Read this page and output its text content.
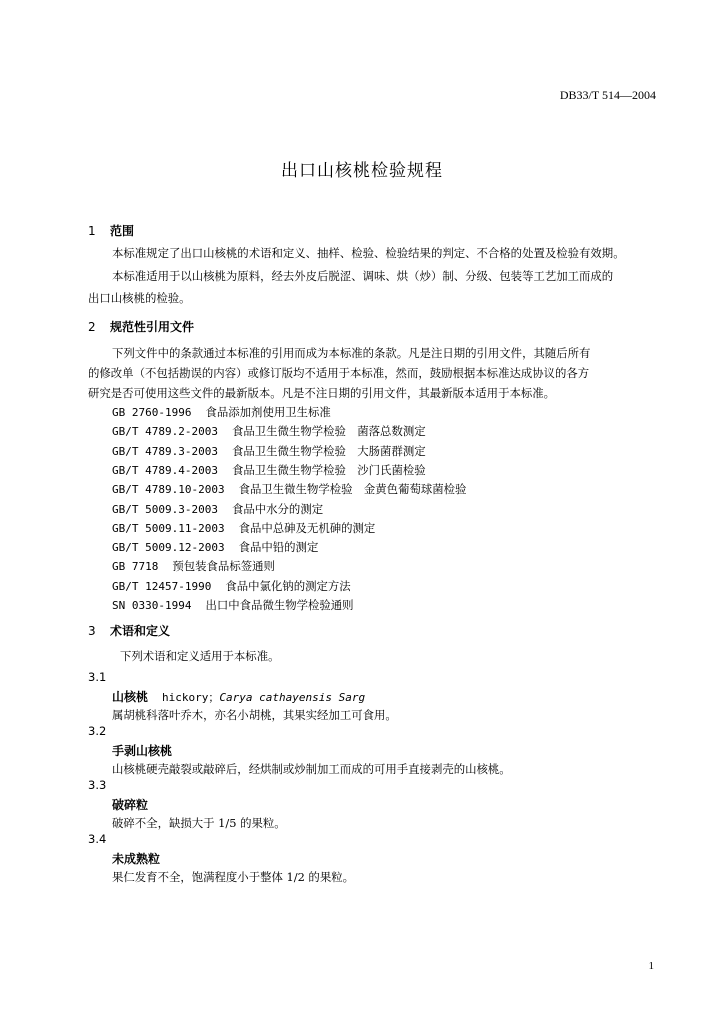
DB33/T 514—2004
出口山核桃检验规程
1 范围
本标准规定了出口山核桃的术语和定义、抽样、检验、检验结果的判定、不合格的处置及检验有效期。
本标准适用于以山核桃为原料，经去外皮后脱涩、调味、烘（炒）制、分级、包装等工艺加工而成的
出口山核桃的检验。
2 规范性引用文件
下列文件中的条款通过本标准的引用而成为本标准的条款。凡是注日期的引用文件，其随后所有
的修改单（不包括勘误的内容）或修订版均不适用于本标准，然而，鼓励根据本标准达成协议的各方
研究是否可使用这些文件的最新版本。凡是不注日期的引用文件，其最新版本适用于本标准。
GB 2760-1996 食品添加剂使用卫生标准
GB/T 4789.2-2003 食品卫生微生物学检验　菌落总数测定
GB/T 4789.3-2003 食品卫生微生物学检验　大肠菌群测定
GB/T 4789.4-2003 食品卫生微生物学检验　沙门氏菌检验
GB/T 4789.10-2003 食品卫生微生物学检验　金黄色葡萄球菌检验
GB/T 5009.3-2003 食品中水分的测定
GB/T 5009.11-2003 食品中总砷及无机砷的测定
GB/T 5009.12-2003 食品中铅的测定
GB 7718 预包装食品标签通则
GB/T 12457-1990 食品中氯化钠的测定方法
SN 0330-1994 出口中食品微生物学检验通则
3 术语和定义
下列术语和定义适用于本标准。
3.1
山核桃 hickory；Carya cathayensis Sarg
属胡桃科落叶乔木，亦名小胡桃，其果实经加工可食用。
3.2
手剥山核桃
山核桃硬壳敲裂或敲碎后，经烘制或炒制加工而成的可用手直接剥壳的山核桃。
3.3
破碎粒
破碎不全，缺损大于 1/5 的果粒。
3.4
未成熟粒
果仁发育不全，饱满程度小于整体 1/2 的果粒。
1
